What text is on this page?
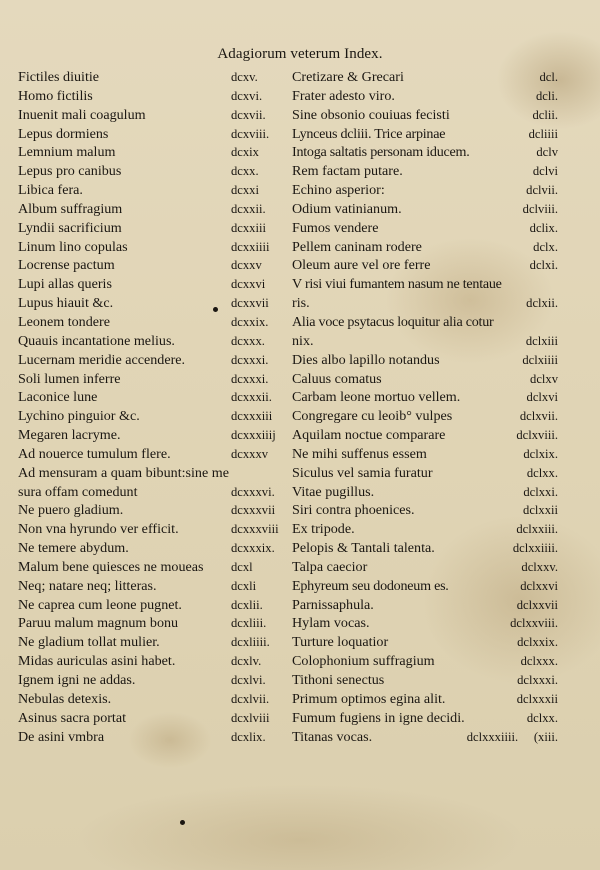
Adagiorum veterum Index.
Fictiles diuitie	dcxv.
Homo fictilis	dcxvi.
Inuenit mali coagulum	dcxvii.
Lepus dormiens	dcxviii.
Lemnium malum	dcxix
Lepus pro canibus	dcxx.
Libica fera.	dcxxi
Album suffragium	dcxxii.
Lyndii sacrificium	dcxxiii
Linum lino copulas	dcxxiiii
Locrense pactum	dcxxv
Lupi allas queris	dcxxvi
Lupus hiauit &c.	dcxxvii
Leonem tondere	dcxxix.
Quauis incantatione melius.	dcxxx.
Lucernam meridie accendere.	dcxxxi.
Soli lumen inferre	dcxxxi.
Laconice lune	dcxxxii.
Lychino pinguior &c.	dcxxxiii
Megaren lacryme.	dcxxxiiij
Ad nouerce tumulum flere.	dcxxxv
Ad mensuram a quam bibunt:sine me
sura offam comedunt	dcxxxvi.
Ne puero gladium.	dcxxxvii
Non vna hyrundo ver efficit.	dcxxxviii
Ne temere abydum.	dcxxxix.
Malum bene quiesces ne moueas dcxl
Neq; natare neq; litteras.	dcxli
Ne caprea cum leone pugnet.	dcxlii.
Paruu malum magnum bonu	dcxliii.
Ne gladium tollat mulier.	dcxliiii.
Midas auriculas asini habet.	dcxlv.
Ignem igni ne addas.	dcxlvi.
Nebulas detexis.	dcxlvii.
Asinus sacra portat	dcxlviii
De asini vmbra	dcxlix.
Cretizare & Grecari	dcl.
Frater adesto viro.	dcli.
Sine obsonio couiuas fecisti	dclii.
Lynceus dcliii. Trice arpinae	dcliiii
Intoga saltatis personam iducem.	dclv
Rem factam putare.	dclvi
Echino asperior:	dclvii.
Odium vatinianum.	dclviii.
Fumos vendere	dclix.
Pellem caninam rodere	dclx.
Oleum aure vel ore ferre	dclxi.
V risi viui fumantem nasum ne tentaue
ris.	dclxii.
Alia voce psytacus loquitur alia cotur
nix.	dclxiii
Dies albo lapillo notandus	dclxiiii
Caluus comatus	dclxv
Carbam leone mortuo vellem.	dclxvi
Congregare cu leoib° vulpes	dclxvii.
Aquilam noctue comparare	dclxviii.
Ne mihi suffenus essem	dclxix.
Siculus vel samia furatur	dclxx.
Vitae pugillus.	dclxxi.
Siri contra phoenices.	dclxxii
Ex tripode.	dclxxiii.
Pelopis & Tantali talenta.	dclxxiiii.
Talpa caecior	dclxxv.
Ephyreum seu dodoneum es.	dclxxvi
Parnissaphula.	dclxxvii
Hylam vocas.	dclxxviii.
Turture loquatior	dclxxix.
Colophonium suffragium	dclxxx.
Tithoni senectus	dclxxxi.
Primum optimos egina alit.	dclxxxii
Fumum fugiens in igne decidi.	dclxx.
Titanas vocas.	dclxxxiiii. (xiii.
